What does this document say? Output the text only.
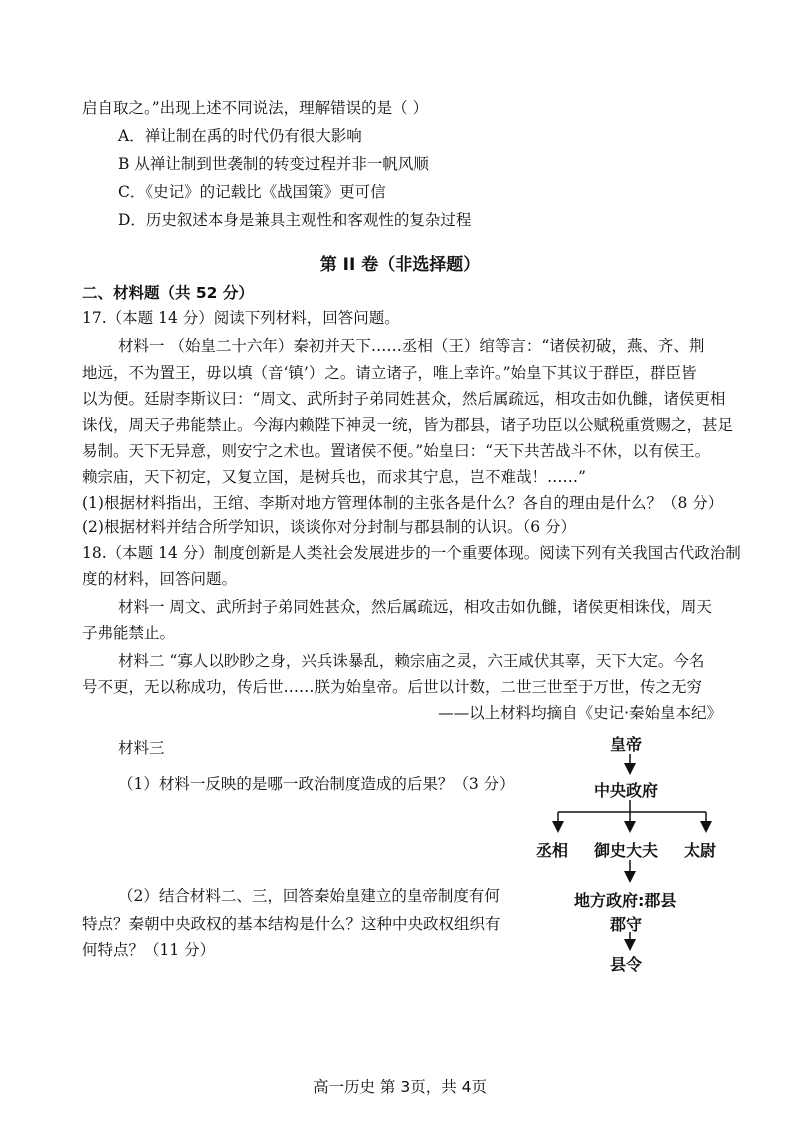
启自取之。”出现上述不同说法，理解错误的是（ ）
A．禅让制在禹的时代仍有很大影响
B 从禅让制到世袭制的转变过程并非一帆风顺
C．《史记》的记载比《战国策》更可信
D．历史叙述本身是兼具主观性和客观性的复杂过程
第 II 卷（非选择题）
二、材料题（共 52 分）
17.（本题 14 分）阅读下列材料，回答问题。
材料一 （始皇二十六年）秦初并天下……丞相（王）绾等言：“诸侯初破，燕、齐、荆
地远，不为置王，毋以填（音‘镇’）之。请立诸子，唯上幸许。”始皇下其议于群臣，群臣皆
以为便。廷尉李斯议曰：“周文、武所封子弟同姓甚众，然后属疏远，相攻击如仇雠，诸侯更相
诛伐，周天子弗能禁止。今海内赖陛下神灵一统，皆为郡县，诸子功臣以公赋税重赏赐之，甚足
易制。天下无异意，则安宁之术也。置诸侯不便。”始皇曰：“天下共苦战斗不休，以有侯王。
赖宗庙，天下初定，又复立国，是树兵也，而求其宁息，岂不难哉！……”
(1)根据材料指出，王绾、李斯对地方管理体制的主张各是什么？各自的理由是什么？（8 分）
(2)根据材料并结合所学知识，谈谈你对分封制与郡县制的认识。（6 分）
18.（本题 14 分）制度创新是人类社会发展进步的一个重要体现。阅读下列有关我国古代政治制
度的材料，回答问题。
材料一 周文、武所封子弟同姓甚众，然后属疏远，相攻击如仇雠，诸侯更相诛伐，周天
子弗能禁止。
材料二 “寡人以眇眇之身，兴兵诛暴乱，赖宗庙之灵，六王咸伏其辜，天下大定。今名
号不更，无以称成功，传后世……朕为始皇帝。后世以计数，二世三世至于万世，传之无穷
——以上材料均摘自《史记·秦始皇本纪》
材料三
（1）材料一反映的是哪一政治制度造成的后果？（3 分）
（2）结合材料二、三，回答秦始皇建立的皇帝制度有何
特点？秦朝中央政权的基本结构是什么？这种中央政权组织有
何特点？（11 分）
皇帝
中央政府
丞相 御史大夫 太尉
地方政府:郡县
郡守
县令
高一历史 第 3页，共 4页
